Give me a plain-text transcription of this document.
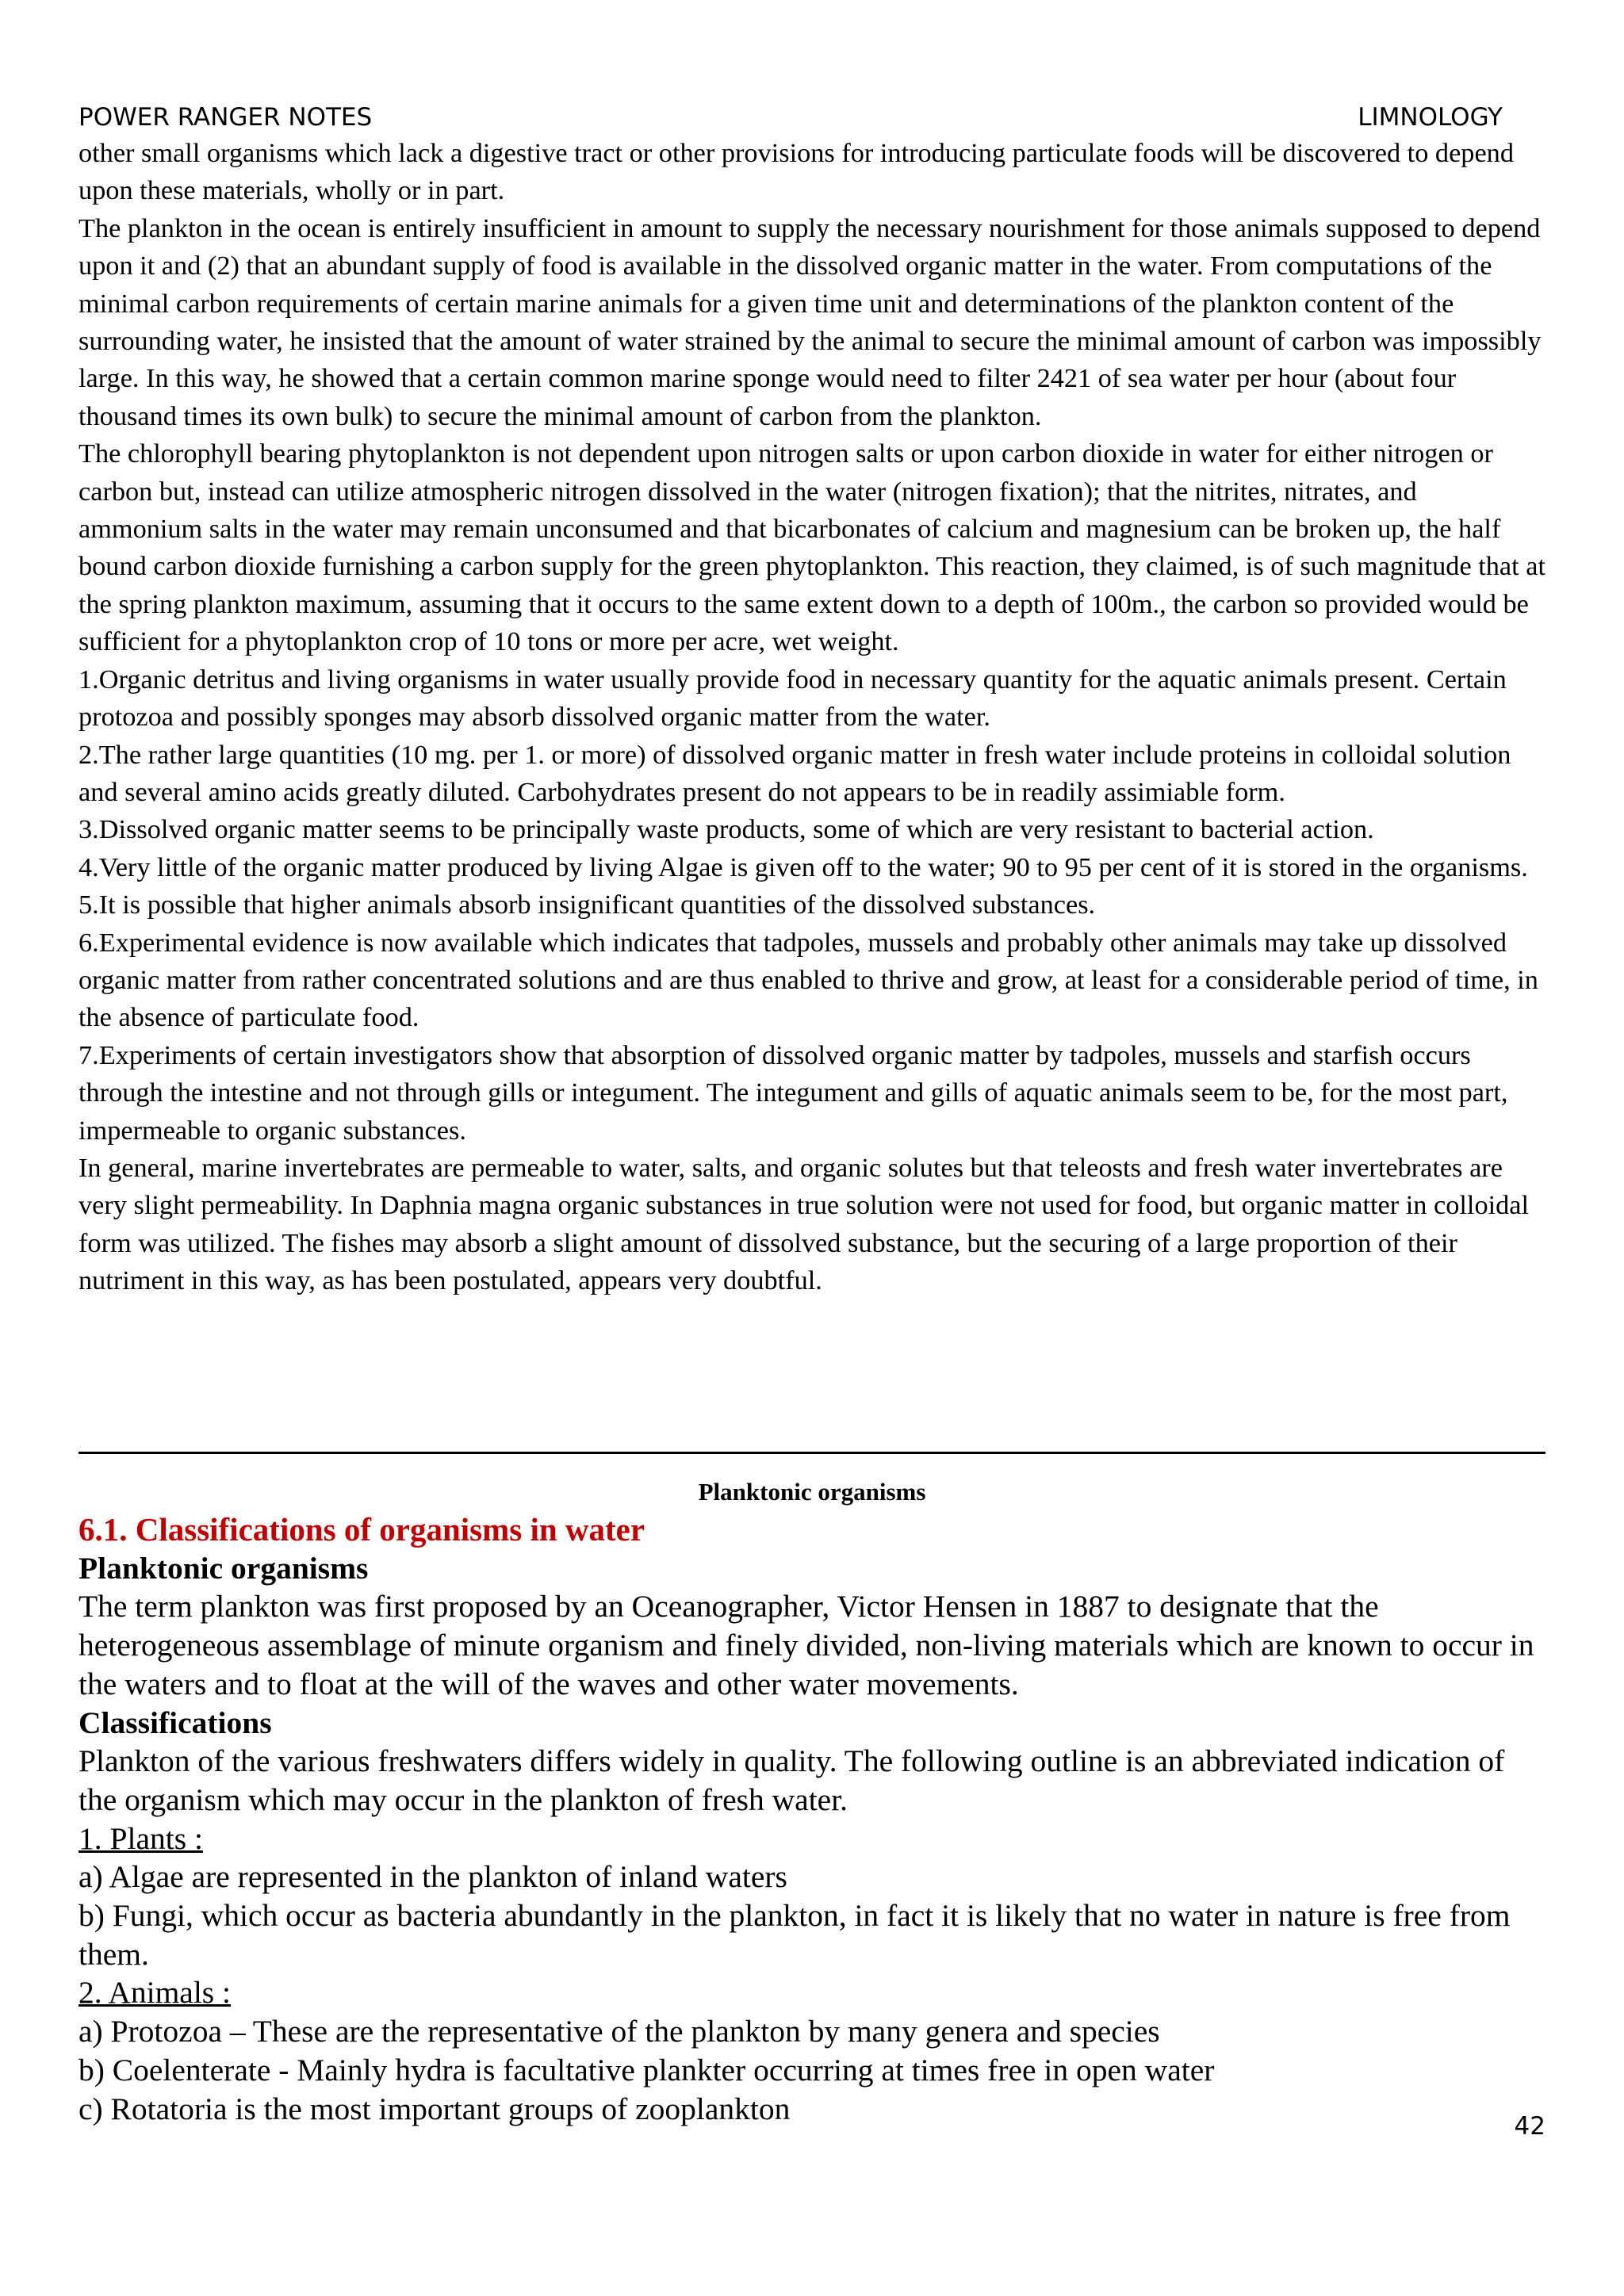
POWER RANGER NOTES	LIMNOLOGY

other small organisms which lack a digestive tract or other provisions for introducing particulate foods will be discovered to depend upon these materials, wholly or in part.

The plankton in the ocean is entirely insufficient in amount to supply the necessary nourishment for those animals supposed to depend upon it and (2) that an abundant supply of food is available in the dissolved organic matter in the water. From computations of the minimal carbon requirements of certain marine animals for a given time unit and determinations of the plankton content of the surrounding water, he insisted that the amount of water strained by the animal to secure the minimal amount of carbon was impossibly large. In this way, he showed that a certain common marine sponge would need to filter 2421 of sea water per hour (about four thousand times its own bulk) to secure the minimal amount of carbon from the plankton.

The chlorophyll bearing phytoplankton is not dependent upon nitrogen salts or upon carbon dioxide in water for either nitrogen or carbon but, instead can utilize atmospheric nitrogen dissolved in the water (nitrogen fixation); that the nitrites, nitrates, and ammonium salts in the water may remain unconsumed and that bicarbonates of calcium and magnesium can be broken up, the half bound carbon dioxide furnishing a carbon supply for the green phytoplankton. This reaction, they claimed, is of such magnitude that at the spring plankton maximum, assuming that it occurs to the same extent down to a depth of 100m., the carbon so provided would be sufficient for a phytoplankton crop of 10 tons or more per acre, wet weight.

1.Organic detritus and living organisms in water usually provide food in necessary quantity for the aquatic animals present. Certain protozoa and possibly sponges may absorb dissolved organic matter from the water.

2.The rather large quantities (10 mg. per 1. or more) of dissolved organic matter in fresh water include proteins in colloidal solution and several amino acids greatly diluted. Carbohydrates present do not appears to be in readily assimiable form.

3.Dissolved organic matter seems to be principally waste products, some of which are very resistant to bacterial action.

4.Very little of the organic matter produced by living Algae is given off to the water; 90 to 95 per cent of it is stored in the organisms.

5.It is possible that higher animals absorb insignificant quantities of the dissolved substances.

6.Experimental evidence is now available which indicates that tadpoles, mussels and probably other animals may take up dissolved organic matter from rather concentrated solutions and are thus enabled to thrive and grow, at least for a considerable period of time, in the absence of particulate food.

7.Experiments of certain investigators show that absorption of dissolved organic matter by tadpoles, mussels and starfish occurs through the intestine and not through gills or integument. The integument and gills of aquatic animals seem to be, for the most part, impermeable to organic substances.

In general, marine invertebrates are permeable to water, salts, and organic solutes but that teleosts and fresh water invertebrates are very slight permeability. In Daphnia magna organic substances in true solution were not used for food, but organic matter in colloidal form was utilized. The fishes may absorb a slight amount of dissolved substance, but the securing of a large proportion of their nutriment in this way, as has been postulated, appears very doubtful.

Planktonic organisms

6.1. Classifications of organisms in water

Planktonic organisms

The term plankton was first proposed by an Oceanographer, Victor Hensen in 1887 to designate that the heterogeneous assemblage of minute organism and finely divided, non-living materials which are known to occur in the waters and to float at the will of the waves and other water movements.

Classifications

Plankton of the various freshwaters differs widely in quality. The following outline is an abbreviated indication of the organism which may occur in the plankton of fresh water.

1. Plants :

a) Algae are represented in the plankton of inland waters

b) Fungi, which occur as bacteria abundantly in the plankton, in fact it is likely that no water in nature is free from them.

2. Animals :

a) Protozoa – These are the representative of the plankton by many genera and species

b) Coelenterate - Mainly hydra is facultative plankter occurring at times free in open water

c) Rotatoria is the most important groups of zooplankton

42
